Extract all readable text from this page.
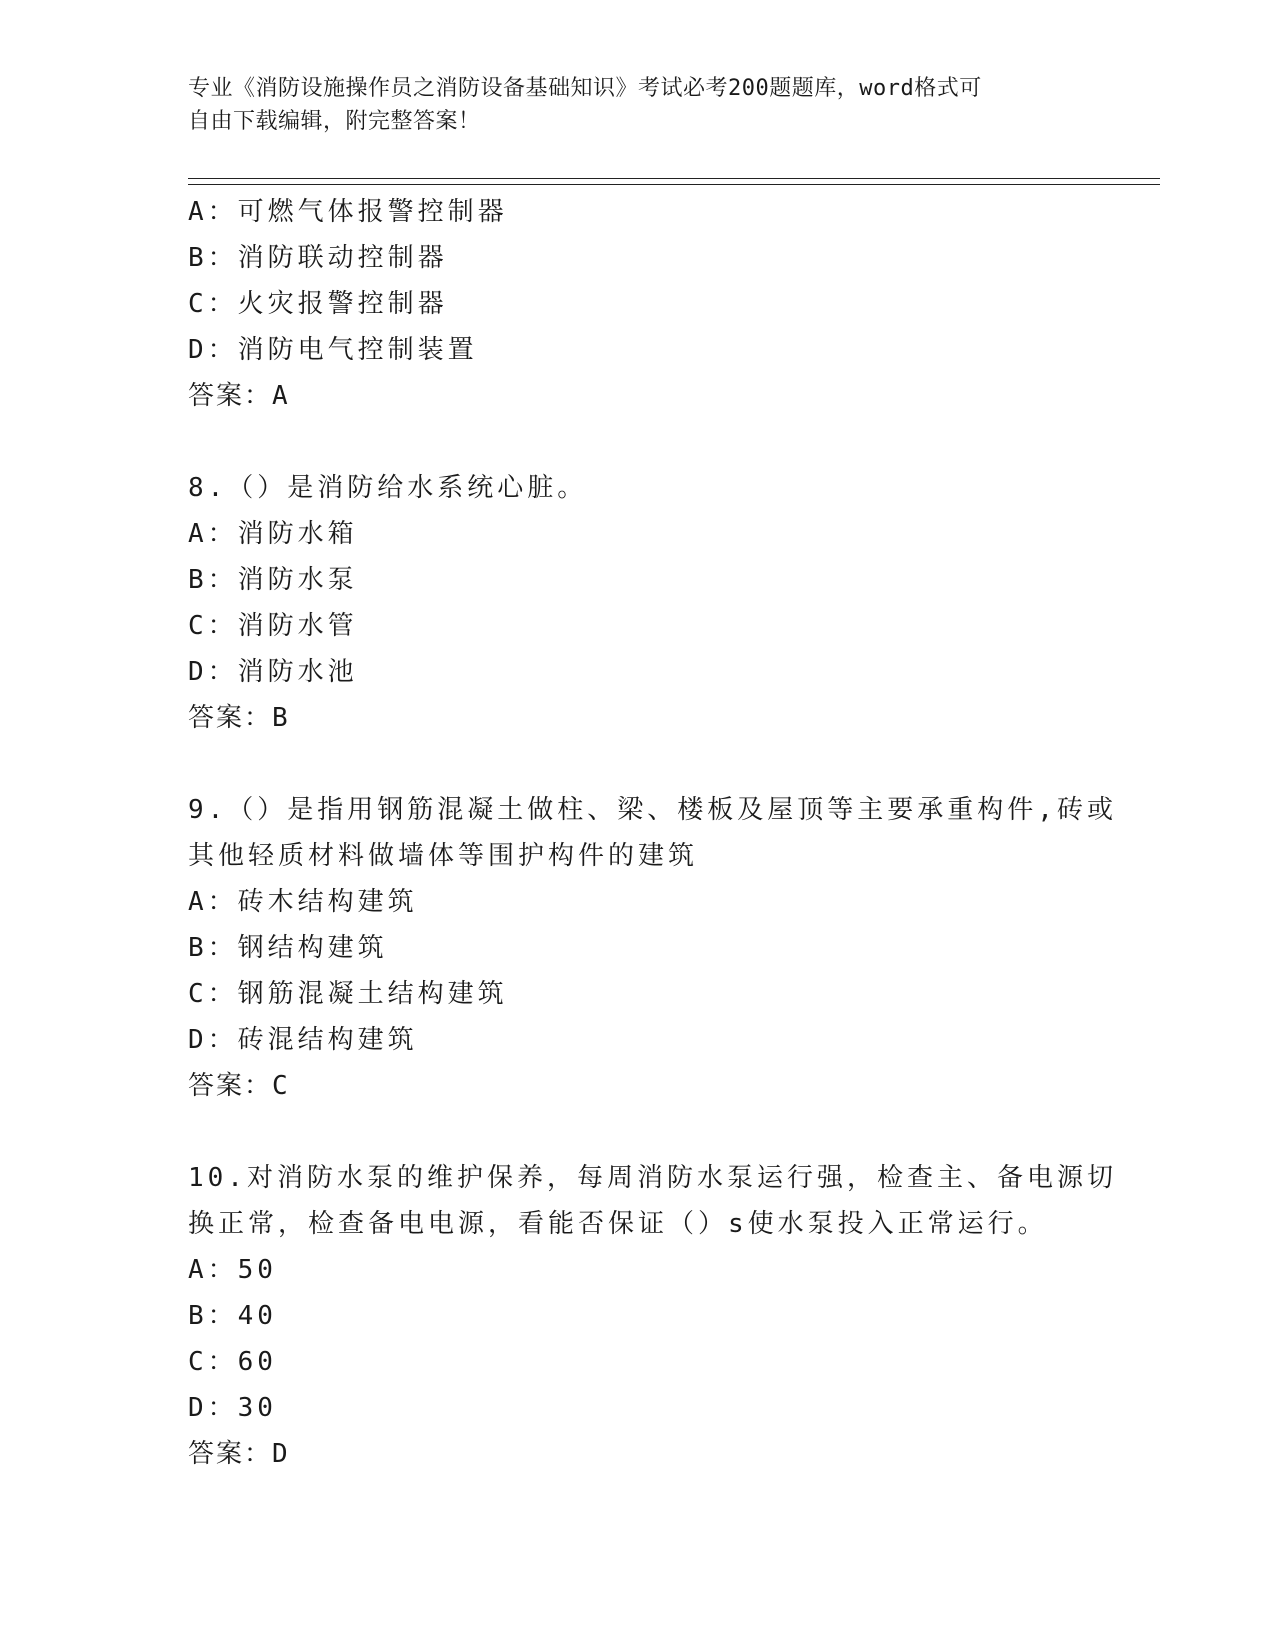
专业《消防设施操作员之消防设备基础知识》考试必考200题题库，word格式可
自由下载编辑，附完整答案！
A：可燃气体报警控制器
B：消防联动控制器
C：火灾报警控制器
D：消防电气控制装置
答案：A
8.（）是消防给水系统心脏。
A：消防水箱
B：消防水泵
C：消防水管
D：消防水池
答案：B
9.（）是指用钢筋混凝土做柱、梁、楼板及屋顶等主要承重构件,砖或
其他轻质材料做墙体等围护构件的建筑
A：砖木结构建筑
B：钢结构建筑
C：钢筋混凝土结构建筑
D：砖混结构建筑
答案：C
10.对消防水泵的维护保养，每周消防水泵运行强，检查主、备电源切
换正常，检查备电电源，看能否保证（）s使水泵投入正常运行。
A：50
B：40
C：60
D：30
答案：D
